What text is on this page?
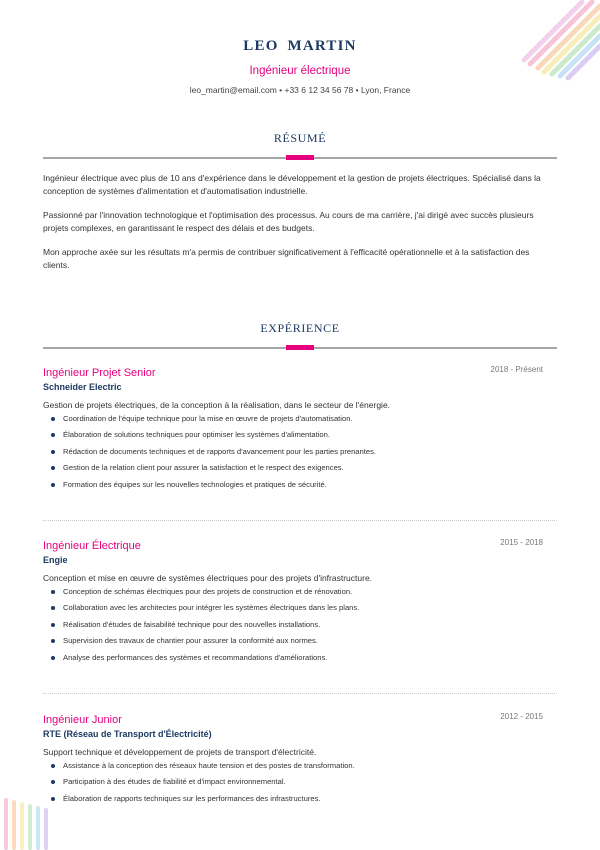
LEO MARTIN
Ingénieur électrique
leo_martin@email.com • +33 6 12 34 56 78 • Lyon, France
RÉSUMÉ

Ingénieur électrique avec plus de 10 ans d'expérience dans le développement et la gestion de projets électriques. Spécialisé dans la conception de systèmes d'alimentation et d'automatisation industrielle.

Passionné par l'innovation technologique et l'optimisation des processus. Au cours de ma carrière, j'ai dirigé avec succès plusieurs projets complexes, en garantissant le respect des délais et des budgets.

Mon approche axée sur les résultats m'a permis de contribuer significativement à l'efficacité opérationnelle et à la satisfaction des clients.

EXPÉRIENCE
Ingénieur Projet Senior	2018 - Présent
Schneider Electric
Gestion de projets électriques, de la conception à la réalisation, dans le secteur de l'énergie.
Coordination de l'équipe technique pour la mise en œuvre de projets d'automatisation.
Élaboration de solutions techniques pour optimiser les systèmes d'alimentation.
Rédaction de documents techniques et de rapports d'avancement pour les parties prenantes.
Gestion de la relation client pour assurer la satisfaction et le respect des exigences.
Formation des équipes sur les nouvelles technologies et pratiques de sécurité.
Ingénieur Électrique	2015 - 2018
Engie
Conception et mise en œuvre de systèmes électriques pour des projets d'infrastructure.
Conception de schémas électriques pour des projets de construction et de rénovation.
Collaboration avec les architectes pour intégrer les systèmes électriques dans les plans.
Réalisation d'études de faisabilité technique pour des nouvelles installations.
Supervision des travaux de chantier pour assurer la conformité aux normes.
Analyse des performances des systèmes et recommandations d'améliorations.
Ingénieur Junior	2012 - 2015
RTE (Réseau de Transport d'Électricité)
Support technique et développement de projets de transport d'électricité.
Assistance à la conception des réseaux haute tension et des postes de transformation.
Participation à des études de fiabilité et d'impact environnemental.
Élaboration de rapports techniques sur les performances des infrastructures.
